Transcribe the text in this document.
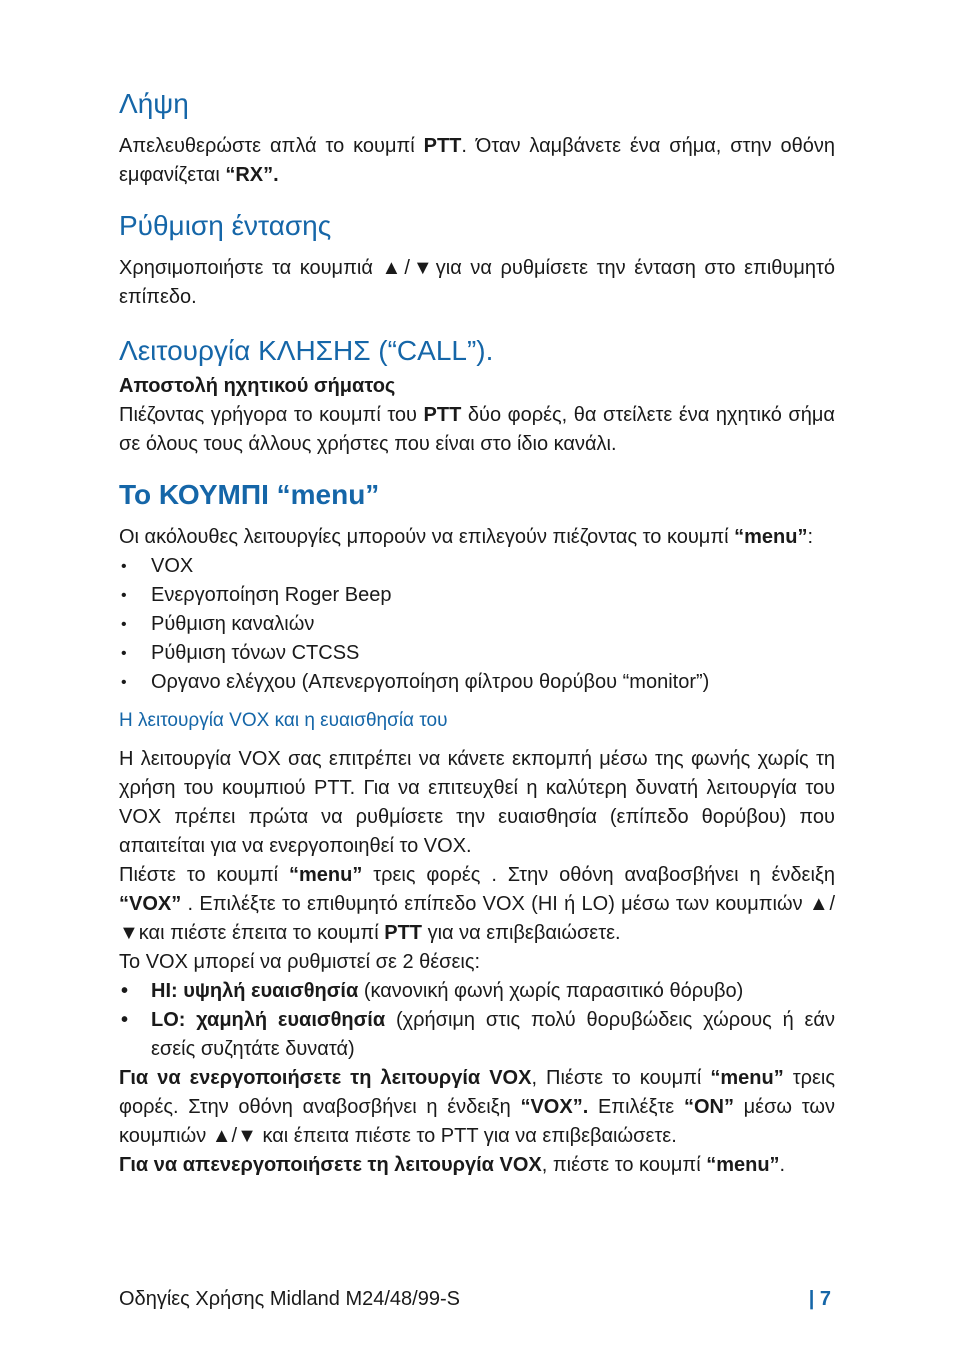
Λήψη

Απελευθερώστε απλά το κουμπί PTT. Όταν λαμβάνετε ένα σήμα, στην οθόνη εμφανίζεται “RX”.

Ρύθμιση έντασης

Χρησιμοποιήστε τα κουμπιά ▲/▼για να ρυθμίσετε την ένταση στο επιθυμητό επίπεδο.

Λειτουργία ΚΛΗΣΗΣ (“CALL”).

Αποστολή ηχητικού σήματος

Πιέζοντας γρήγορα το κουμπί του PTT δύο φορές, θα στείλετε ένα ηχητικό σήμα σε όλους τους άλλους χρήστες που είναι στο ίδιο κανάλι.

Το ΚΟΥΜΠΙ “menu”

Οι ακόλουθες λειτουργίες μπορούν να επιλεγούν πιέζοντας το κουμπί “menu”:

• VOX
• Ενεργοποίηση Roger Beep
• Ρύθμιση καναλιών
• Ρύθμιση τόνων CTCSS
• Οργανο ελέγχου (Απενεργοποίηση φίλτρου θορύβου “monitor”)
Η λειτουργία VOX και η ευαισθησία του

Η λειτουργία VOX σας επιτρέπει να κάνετε εκπομπή μέσω της φωνής χωρίς τη χρήση του κουμπιού PTT. Για να επιτευχθεί η καλύτερη δυνατή λειτουργία του VOX πρέπει πρώτα να ρυθμίσετε την ευαισθησία (επίπεδο θορύβου) που απαιτείται για να ενεργοποιηθεί το VOX.

Πιέστε το κουμπί “menu” τρεις φορές . Στην οθόνη αναβοσβήνει η ένδειξη “VOX” . Επιλέξτε το επιθυμητό επίπεδο VOX (HI ή LO) μέσω των κουμπιών ▲/▼και πιέστε έπειτα το κουμπί PTT για να επιβεβαιώσετε.

Το VOX μπορεί να ρυθμιστεί σε 2 θέσεις:

• HI: υψηλή ευαισθησία (κανονική φωνή χωρίς παρασιτικό θόρυβο)
• LO: χαμηλή ευαισθησία (χρήσιμη στις πολύ θορυβώδεις χώρους ή εάν εσείς συζητάτε δυνατά)

Για να ενεργοποιήσετε τη λειτουργία VOX, Πιέστε το κουμπί “menu” τρεις φορές. Στην οθόνη αναβοσβήνει η ένδειξη “VOX”. Επιλέξτε “ON” μέσω των κουμπιών ▲/▼ και έπειτα πιέστε το PTT για να επιβεβαιώσετε.

Για να απενεργοποιήσετε τη λειτουργία VOX, πιέστε το κουμπί “menu”.

Οδηγίες Χρήσης Midland M24/48/99-S	| 7
